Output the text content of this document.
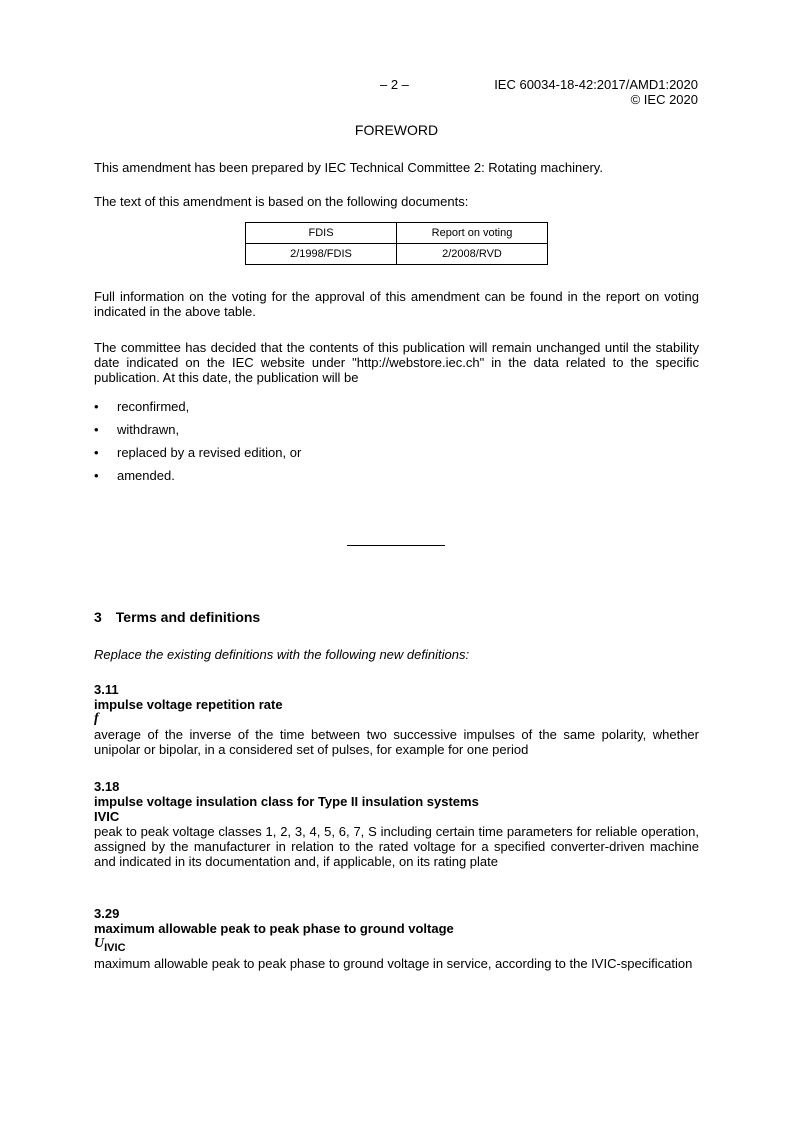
– 2 –	IEC 60034-18-42:2017/AMD1:2020
© IEC 2020
FOREWORD
This amendment has been prepared by IEC Technical Committee 2: Rotating machinery.
The text of this amendment is based on the following documents:
FDIS	Report on voting
2/1998/FDIS	2/2008/RVD
Full information on the voting for the approval of this amendment can be found in the report on voting indicated in the above table.
The committee has decided that the contents of this publication will remain unchanged until the stability date indicated on the IEC website under "http://webstore.iec.ch" in the data related to the specific publication. At this date, the publication will be
• reconfirmed,
• withdrawn,
• replaced by a revised edition, or
• amended.
3 Terms and definitions
Replace the existing definitions with the following new definitions:
3.11
impulse voltage repetition rate
f
average of the inverse of the time between two successive impulses of the same polarity, whether unipolar or bipolar, in a considered set of pulses, for example for one period
3.18
impulse voltage insulation class for Type II insulation systems
IVIC
peak to peak voltage classes 1, 2, 3, 4, 5, 6, 7, S including certain time parameters for reliable operation, assigned by the manufacturer in relation to the rated voltage for a specified converter-driven machine and indicated in its documentation and, if applicable, on its rating plate
3.29
maximum allowable peak to peak phase to ground voltage
$U_{IVIC}$
maximum allowable peak to peak phase to ground voltage in service, according to the IVIC-specification
